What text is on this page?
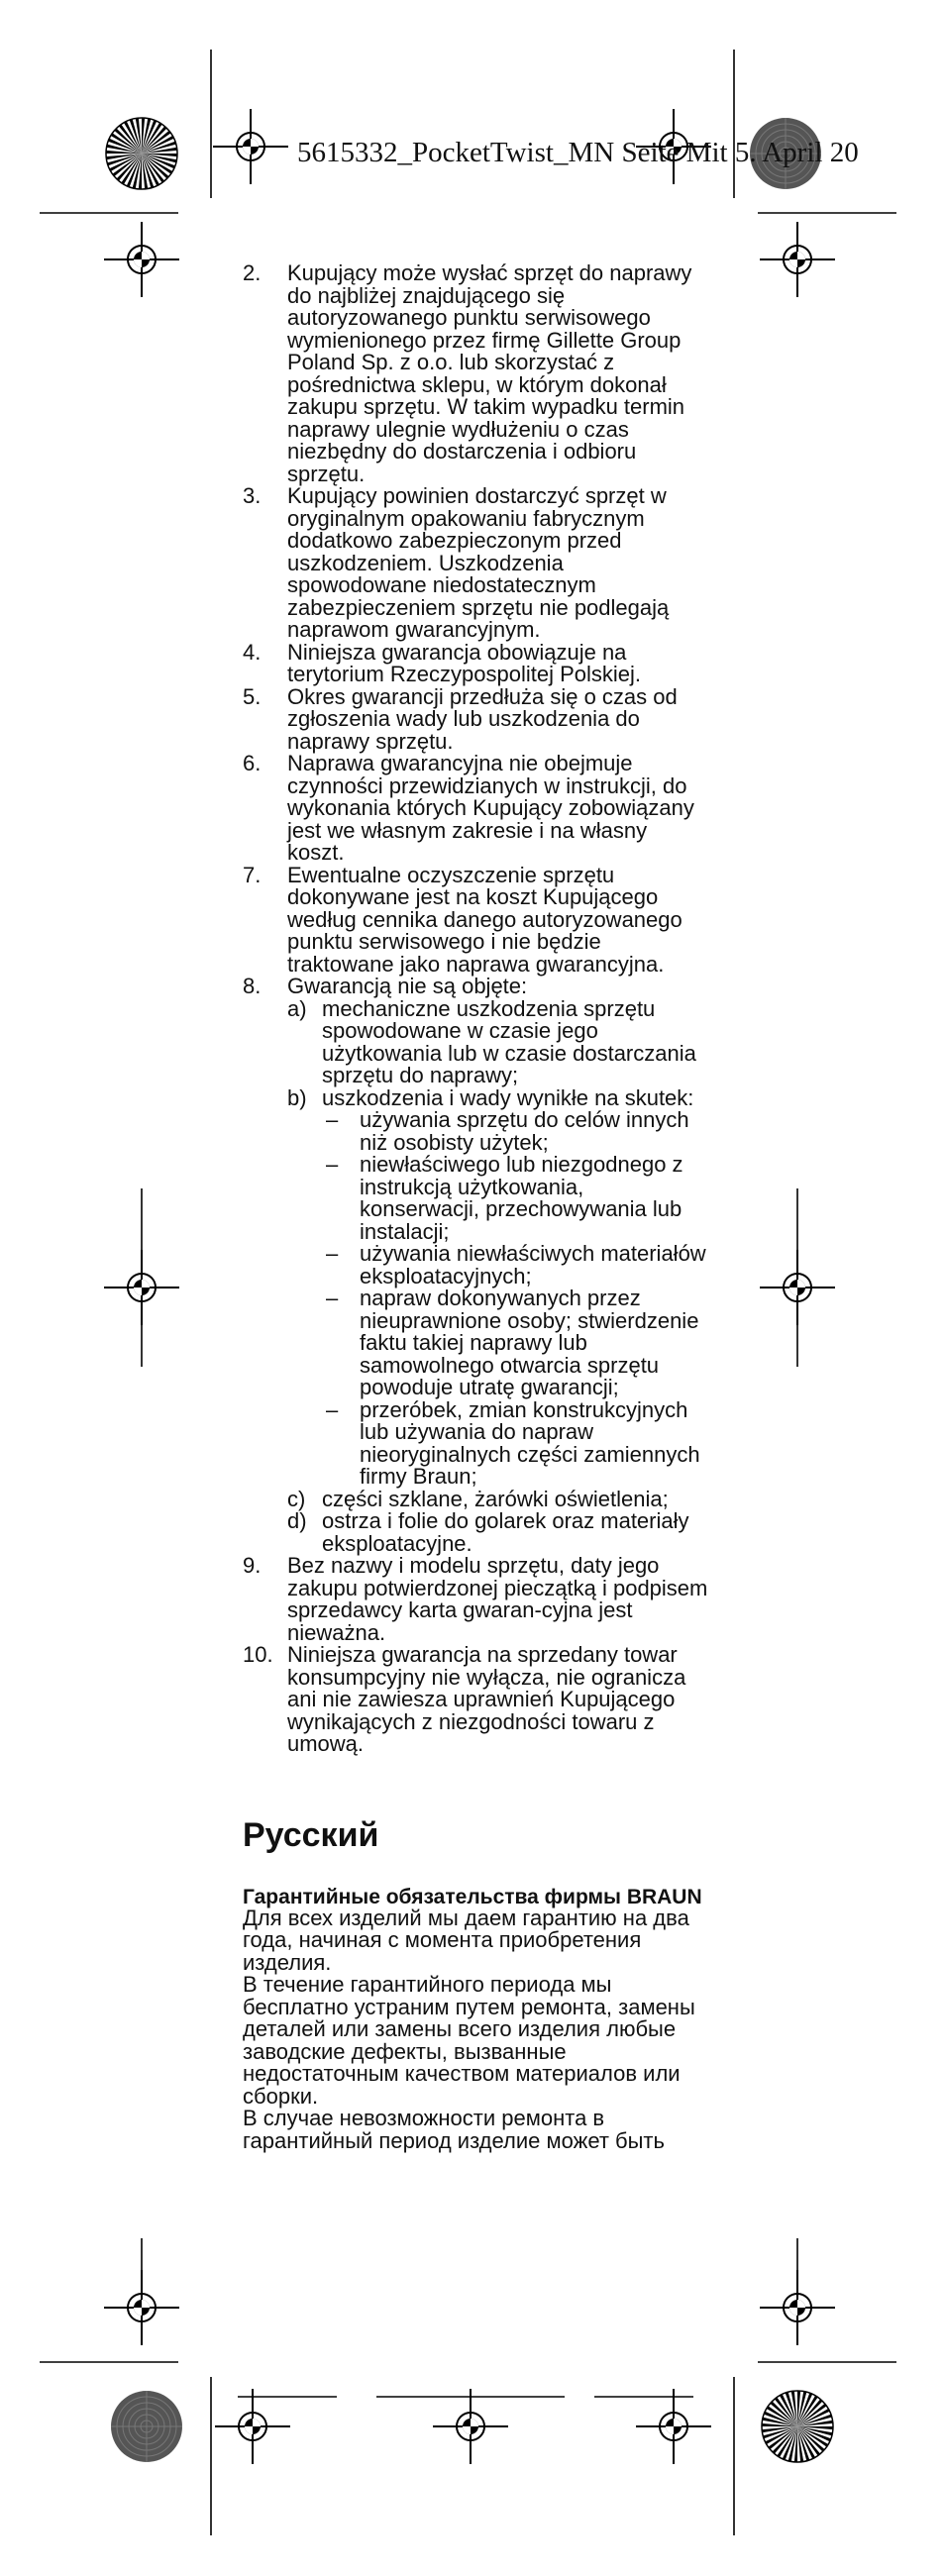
5615332_PocketTwist_MN Seite Mit 5. April 20
2. Kupujący może wysłać sprzęt do naprawy do najbliżej znajdującego się autoryzowanego punktu serwisowego wymienionego przez firmę Gillette Group Poland Sp. z o.o. lub skorzystać z pośrednictwa sklepu, w którym dokonał zakupu sprzętu. W takim wypadku termin naprawy ulegnie wydłużeniu o czas niezbędny do dostarczenia i odbioru sprzętu.
3. Kupujący powinien dostarczyć sprzęt w oryginalnym opakowaniu fabrycznym dodatkowo zabezpieczonym przed uszkodzeniem. Uszkodzenia spowodowane niedostatecznym zabezpieczeniem sprzętu nie podlegają naprawom gwarancyjnym.
4. Niniejsza gwarancja obowiązuje na terytorium Rzeczypospolitej Polskiej.
5. Okres gwarancji przedłuża się o czas od zgłoszenia wady lub uszkodzenia do naprawy sprzętu.
6. Naprawa gwarancyjna nie obejmuje czynności przewidzianych w instrukcji, do wykonania których Kupujący zobowiązany jest we własnym zakresie i na własny koszt.
7. Ewentualne oczyszczenie sprzętu dokonywane jest na koszt Kupującego według cennika danego autoryzowanego punktu serwisowego i nie będzie traktowane jako naprawa gwarancyjna.
8. Gwarancją nie są objęte:
a) mechaniczne uszkodzenia sprzętu spowodowane w czasie jego użytkowania lub w czasie dostarczania sprzętu do naprawy;
b) uszkodzenia i wady wynikłe na skutek:
– używania sprzętu do celów innych niż osobisty użytek;
– niewłaściwego lub niezgodnego z instrukcją użytkowania, konserwacji, przechowywania lub instalacji;
– używania niewłaściwych materiałów eksploatacyjnych;
– napraw dokonywanych przez nieuprawnione osoby; stwierdzenie faktu takiej naprawy lub samowolnego otwarcia sprzętu powoduje utratę gwarancji;
– przeróbek, zmian konstrukcyjnych lub używania do napraw nieoryginalnych części zamiennych firmy Braun;
c) części szklane, żarówki oświetlenia;
d) ostrza i folie do golarek oraz materiały eksploatacyjne.
9. Bez nazwy i modelu sprzętu, daty jego zakupu potwierdzonej pieczątką i podpisem sprzedawcy karta gwaran-cyjna jest nieważna.
10. Niniejsza gwarancja na sprzedany towar konsumpcyjny nie wyłącza, nie ogranicza ani nie zawiesza uprawnień Kupującego wynikających z niezgodności towaru z umową.
Русский
Гарантийные обязательства фирмы BRAUN

Для всех изделий мы даем гарантию на два года, начиная с момента приобретения изделия.

В течение гарантийного периода мы бесплатно устраним путем ремонта, замены деталей или замены всего изделия любые заводские дефекты, вызванные недостаточным качеством материалов или сборки.

В случае невозможности ремонта в гарантийный период изделие может быть
